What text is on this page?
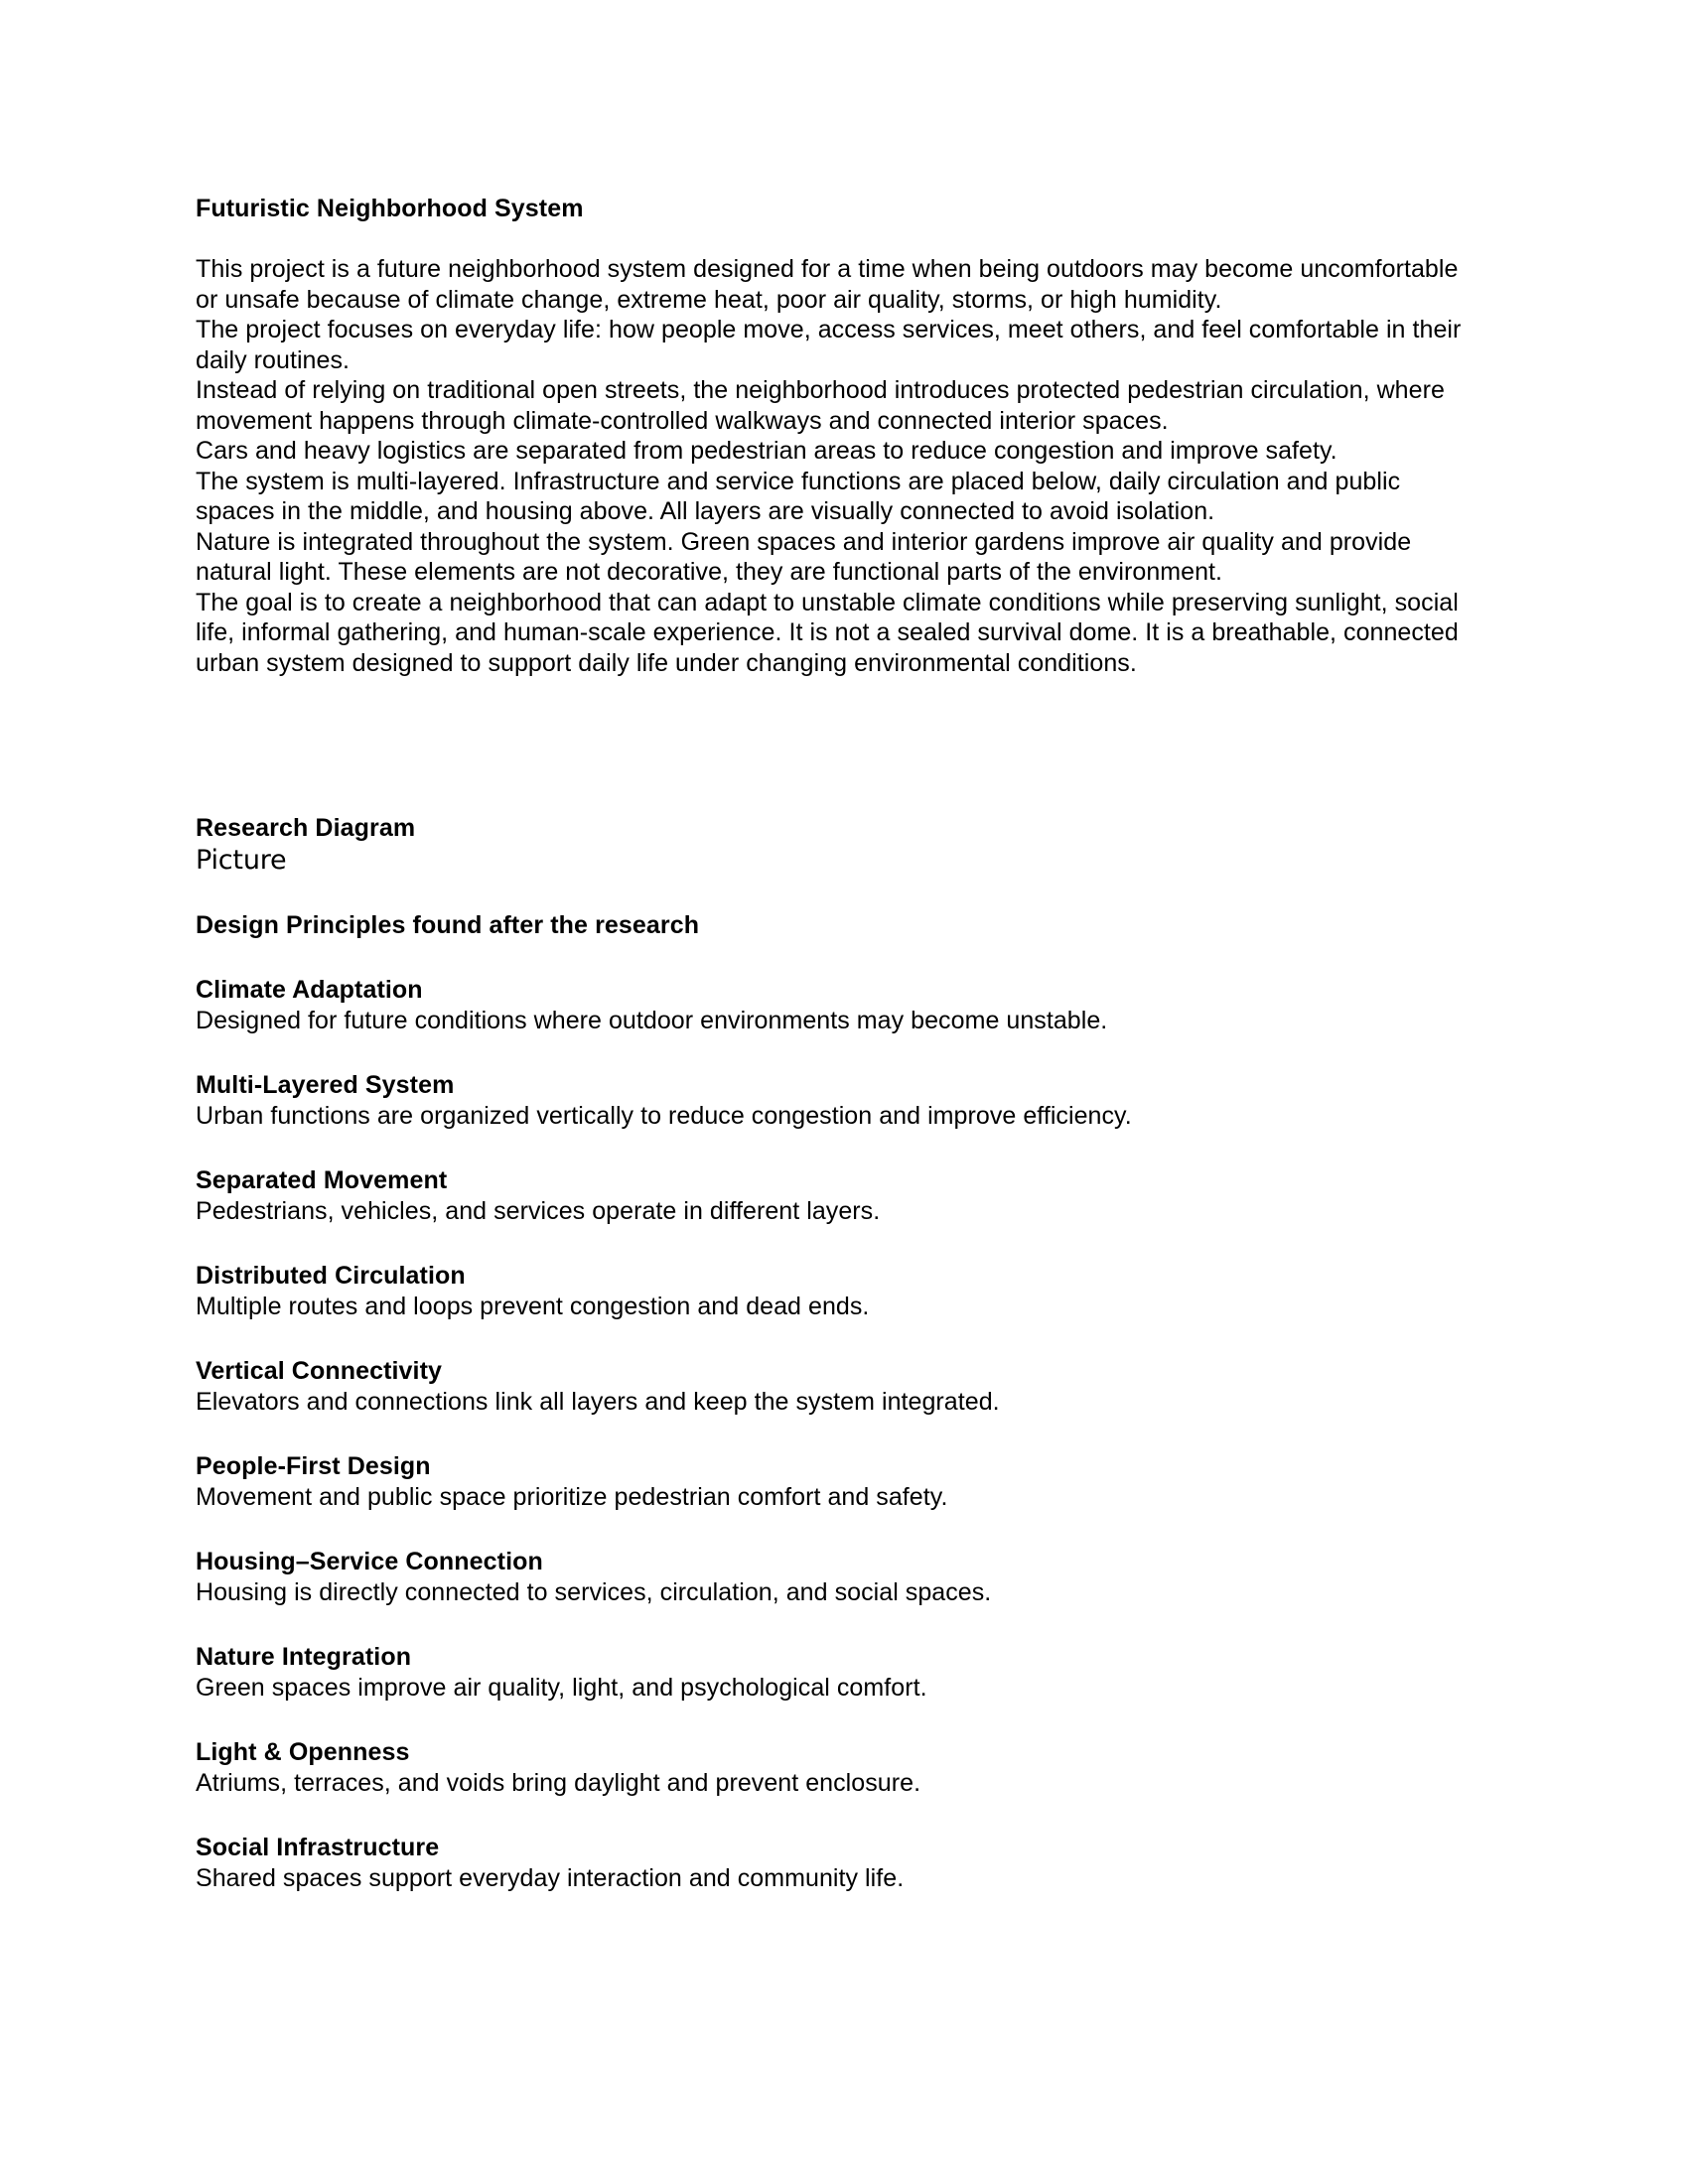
Futuristic Neighborhood System

This project is a future neighborhood system designed for a time when being outdoors may become uncomfortable or unsafe because of climate change, extreme heat, poor air quality, storms, or high humidity.

The project focuses on everyday life: how people move, access services, meet others, and feel comfortable in their daily routines.

Instead of relying on traditional open streets, the neighborhood introduces protected pedestrian circulation, where movement happens through climate-controlled walkways and connected interior spaces.

Cars and heavy logistics are separated from pedestrian areas to reduce congestion and improve safety.

The system is multi-layered. Infrastructure and service functions are placed below, daily circulation and public spaces in the middle, and housing above. All layers are visually connected to avoid isolation.

Nature is integrated throughout the system. Green spaces and interior gardens improve air quality and provide natural light. These elements are not decorative, they are functional parts of the environment.

The goal is to create a neighborhood that can adapt to unstable climate conditions while preserving sunlight, social life, informal gathering, and human-scale experience. It is not a sealed survival dome. It is a breathable, connected urban system designed to support daily life under changing environmental conditions.

Research Diagram

Picture

Design Principles found after the research

Climate Adaptation

Designed for future conditions where outdoor environments may become unstable.

Multi-Layered System

Urban functions are organized vertically to reduce congestion and improve efficiency.

Separated Movement

Pedestrians, vehicles, and services operate in different layers.

Distributed Circulation

Multiple routes and loops prevent congestion and dead ends.

Vertical Connectivity

Elevators and connections link all layers and keep the system integrated.

People-First Design

Movement and public space prioritize pedestrian comfort and safety.

Housing–Service Connection

Housing is directly connected to services, circulation, and social spaces.

Nature Integration

Green spaces improve air quality, light, and psychological comfort.

Light & Openness

Atriums, terraces, and voids bring daylight and prevent enclosure.

Social Infrastructure

Shared spaces support everyday interaction and community life.
